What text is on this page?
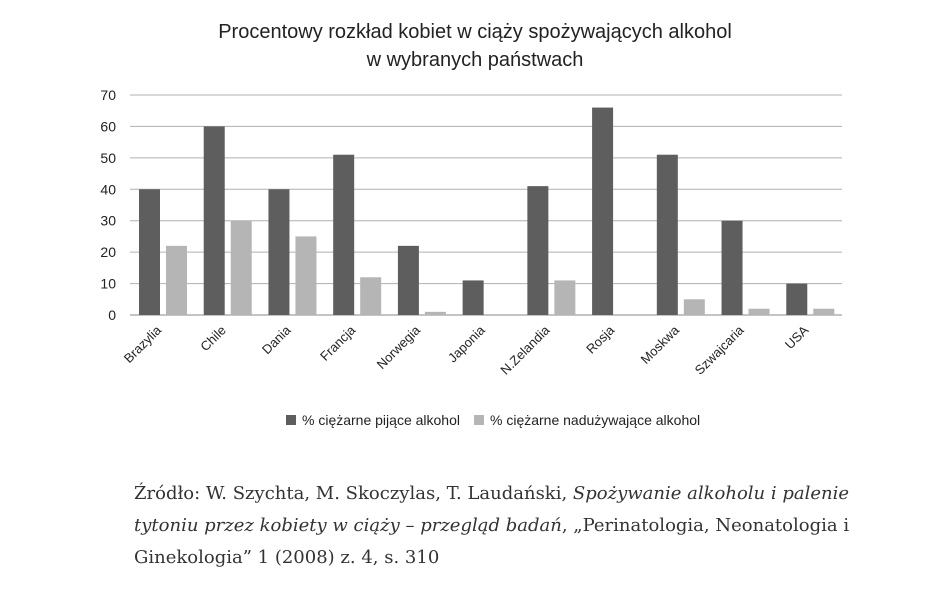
Procentowy rozkład kobiet w ciąży spożywających alkohol
w wybranych państwach
0
10
20
30
40
50
60
70
Brazylia	Chile Dania Francja Norwegia Japonia N.Zelandia Rosja Moskwa Szwajcaria	USA
% ciężarne pijące alkohol % ciężarne nadużywające alkohol
Źródło: W. Szychta, M. Skoczylas, T. Laudański, Spożywanie alkoholu i palenie tytoniu przez kobiety w ciąży – przegląd badań, „Perinatologia, Neonatologia i Ginekologia” 1 (2008) z. 4, s. 310
